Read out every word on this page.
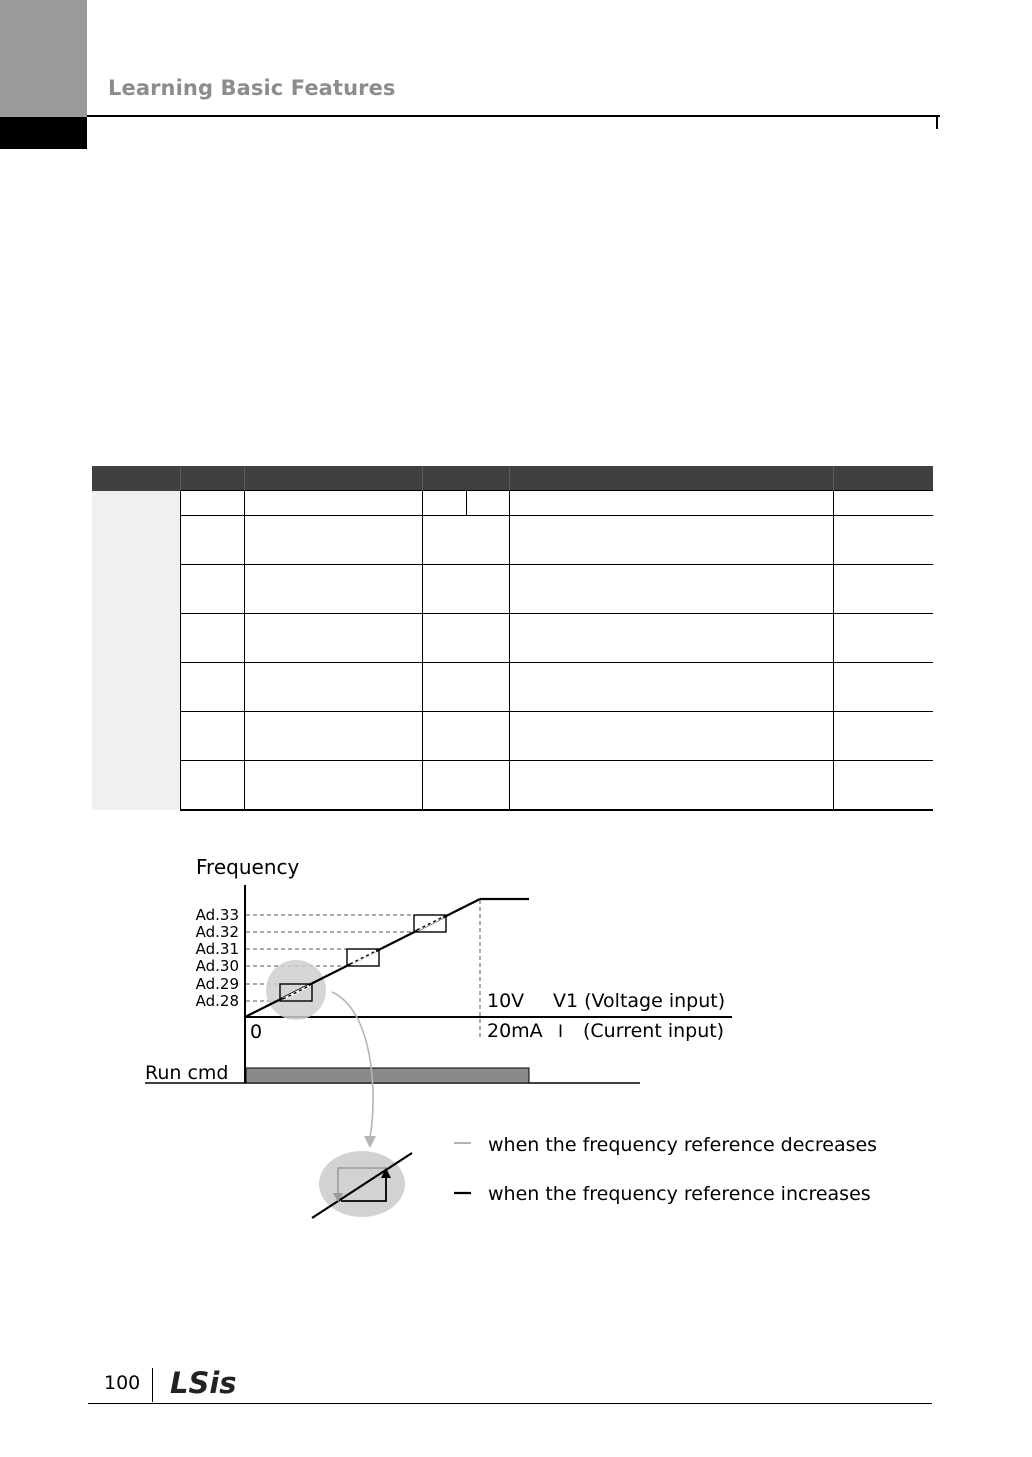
Learning Basic Features

Frequency
Ad.33
Ad.32
Ad.31
Ad.30
Ad.29
Ad.28
0
10V V1 (Voltage input)
20mA I (Current input)
Run cmd
when the frequency reference decreases
when the frequency reference increases
100 LSis
